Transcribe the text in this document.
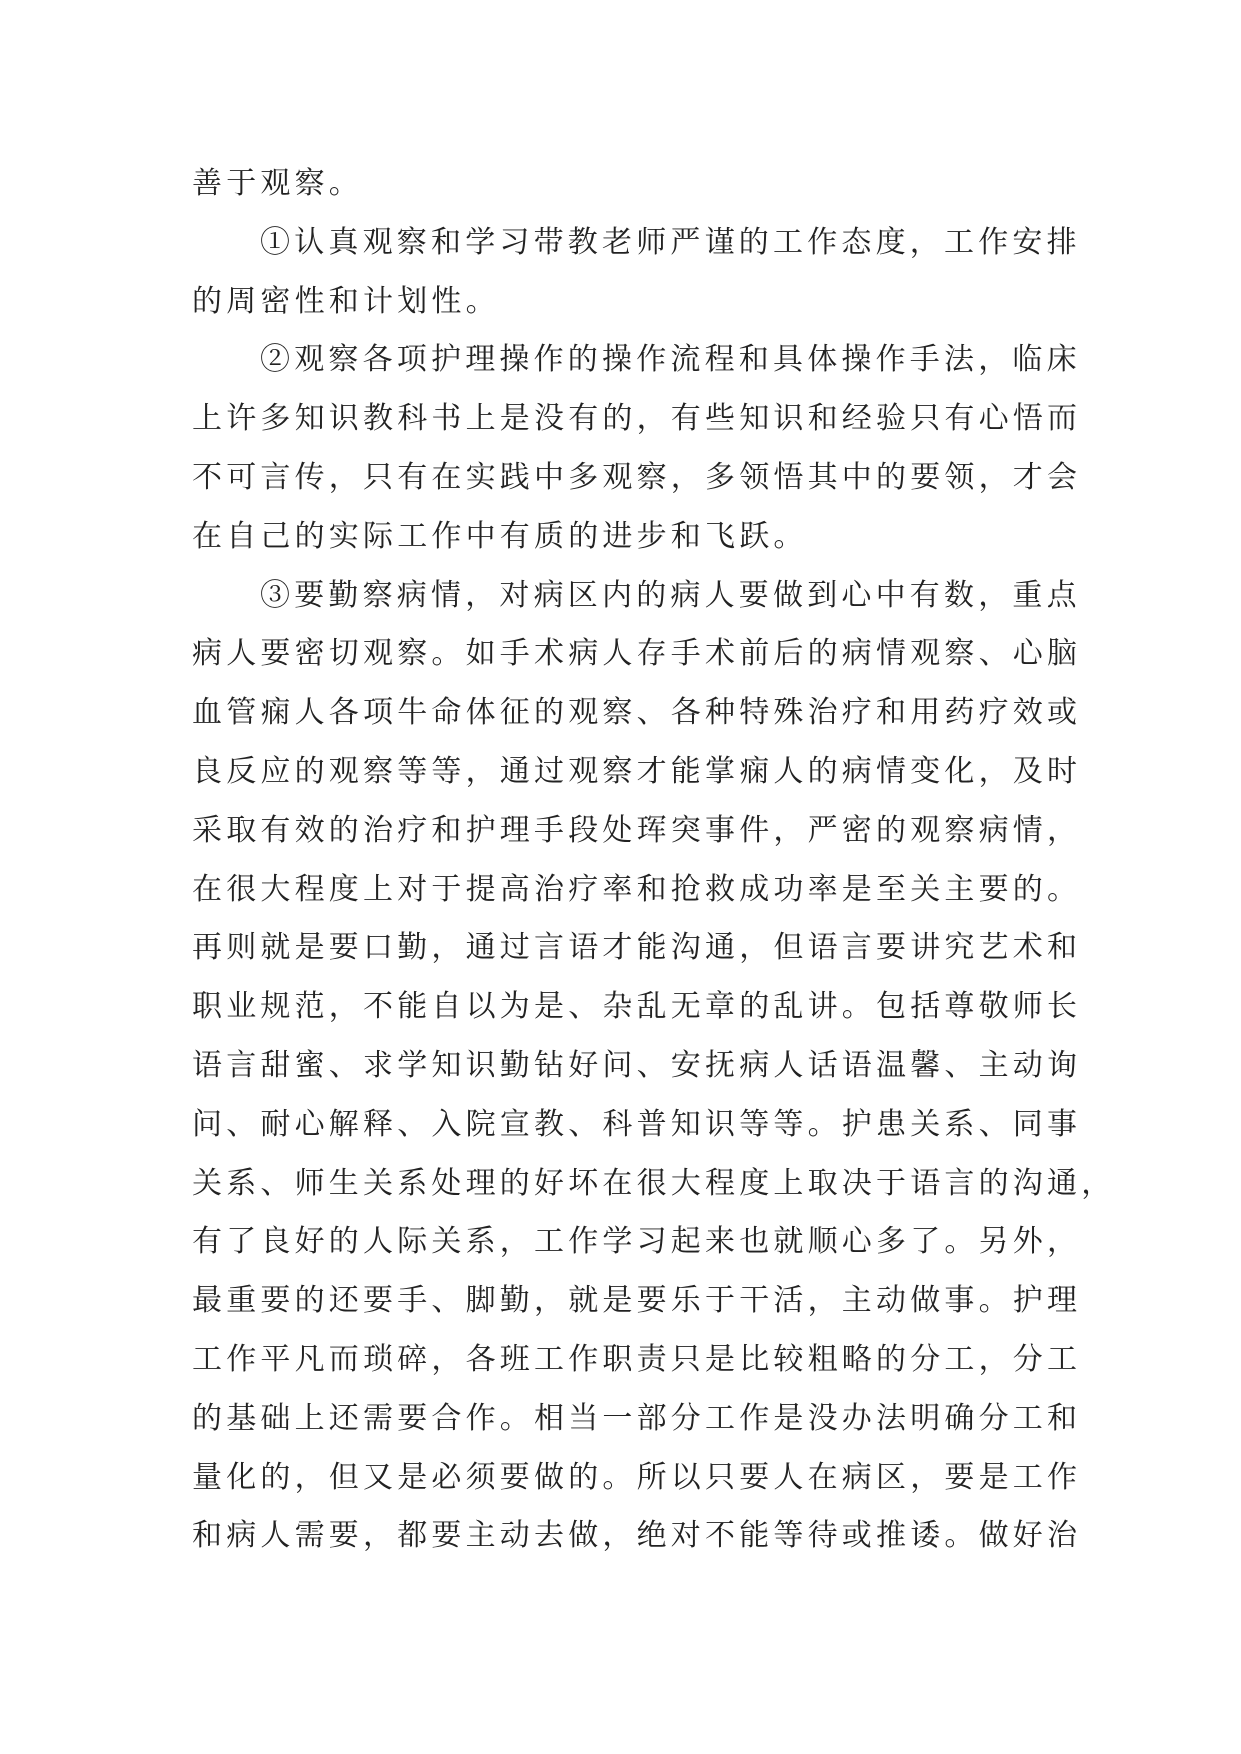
善于观察。
①认真观察和学习带教老师严谨的工作态度，工作安排
的周密性和计划性。
②观察各项护理操作的操作流程和具体操作手法，临床
上许多知识教科书上是没有的，有些知识和经验只有心悟而
不可言传，只有在实践中多观察，多领悟其中的要领，才会
在自己的实际工作中有质的进步和飞跃。
③要勤察病情，对病区内的病人要做到心中有数，重点
病人要密切观察。如手术病人存手术前后的病情观察、心脑
血管痫人各项牛命体征的观察、各种特殊治疗和用药疗效或
良反应的观察等等，通过观察才能掌痫人的病情变化，及时
采取有效的治疗和护理手段处珲突事件，严密的观察病情，
在很大程度上对于提高治疗率和抢救成功率是至关主要的。
再则就是要口勤，通过言语才能沟通，但语言要讲究艺术和
职业规范，不能自以为是、杂乱无章的乱讲。包括尊敬师长
语言甜蜜、求学知识勤钻好问、安抚病人话语温馨、主动询
问、耐心解释、入院宣教、科普知识等等。护患关系、同事
关系、师生关系处理的好坏在很大程度上取决于语言的沟通，
有了良好的人际关系，工作学习起来也就顺心多了。另外，
最重要的还要手、脚勤，就是要乐于干活，主动做事。护理
工作平凡而琐碎，各班工作职责只是比较粗略的分工，分工
的基础上还需要合作。相当一部分工作是没办法明确分工和
量化的，但又是必须要做的。所以只要人在病区，要是工作
和病人需要，都要主动去做，绝对不能等待或推诿。做好治
